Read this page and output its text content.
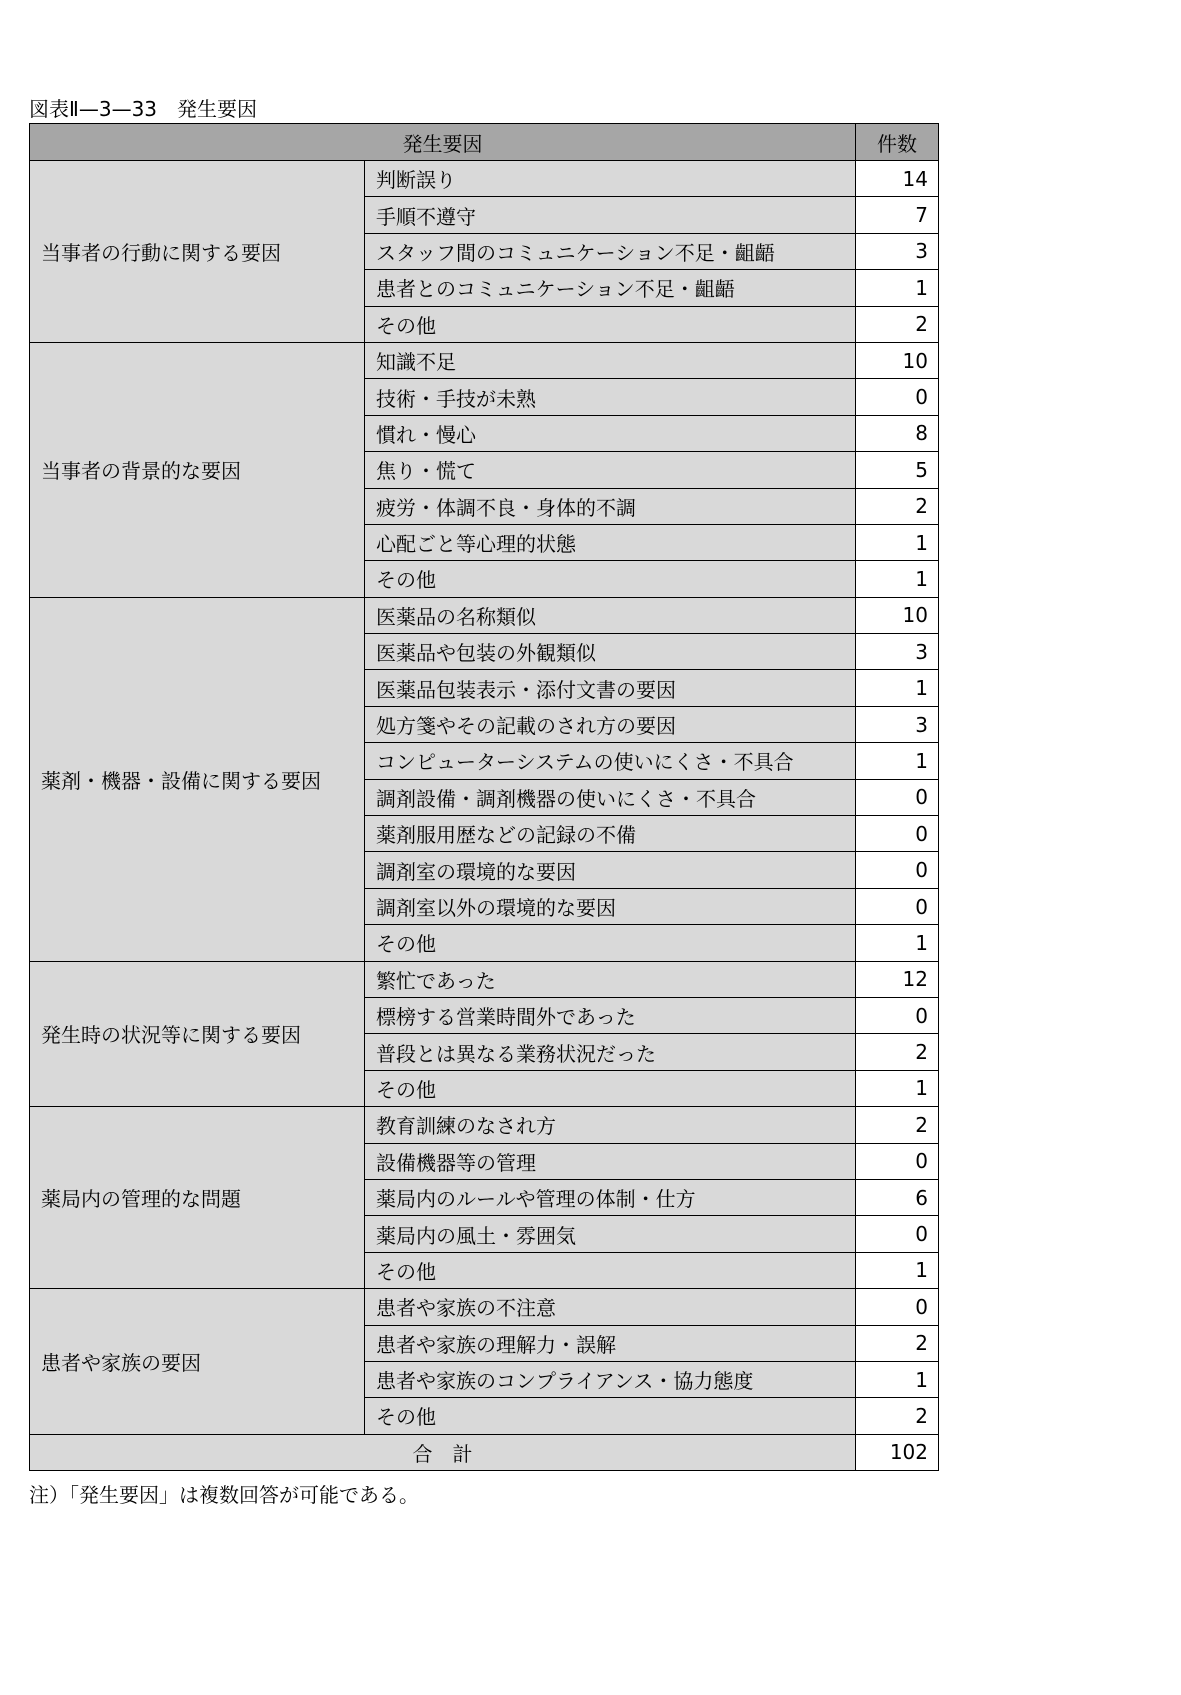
図表Ⅱ—3—33　発生要因
発生要因		件数
当事者の行動に関する要因	判断誤り	14
	手順不遵守	7
	スタッフ間のコミュニケーション不足・齟齬	3
	患者とのコミュニケーション不足・齟齬	1
	その他	2
当事者の背景的な要因	知識不足	10
	技術・手技が未熟	0
	慣れ・慢心	8
	焦り・慌て	5
	疲労・体調不良・身体的不調	2
	心配ごと等心理的状態	1
	その他	1
薬剤・機器・設備に関する要因	医薬品の名称類似	10
	医薬品や包装の外観類似	3
	医薬品包装表示・添付文書の要因	1
	処方箋やその記載のされ方の要因	3
	コンピューターシステムの使いにくさ・不具合	1
	調剤設備・調剤機器の使いにくさ・不具合	0
	薬剤服用歴などの記録の不備	0
	調剤室の環境的な要因	0
	調剤室以外の環境的な要因	0
	その他	1
発生時の状況等に関する要因	繁忙であった	12
	標榜する営業時間外であった	0
	普段とは異なる業務状況だった	2
	その他	1
薬局内の管理的な問題	教育訓練のなされ方	2
	設備機器等の管理	0
	薬局内のルールや管理の体制・仕方	6
	薬局内の風土・雰囲気	0
	その他	1
患者や家族の要因	患者や家族の不注意	0
	患者や家族の理解力・誤解	2
	患者や家族のコンプライアンス・協力態度	1
	その他	2
合　計		102
注）「発生要因」は複数回答が可能である。
